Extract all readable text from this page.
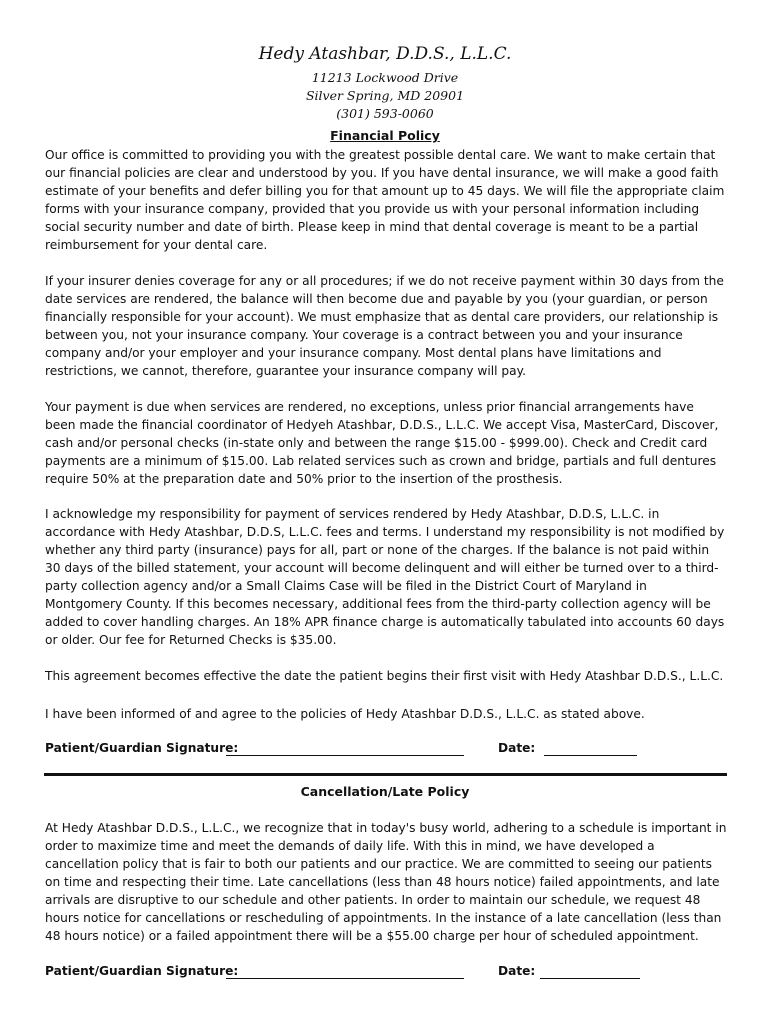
Hedy Atashbar, D.D.S., L.L.C.
11213 Lockwood Drive
Silver Spring, MD 20901
(301) 593-0060
Financial Policy
Our office is committed to providing you with the greatest possible dental care. We want to make certain that our financial policies are clear and understood by you. If you have dental insurance, we will make a good faith estimate of your benefits and defer billing you for that amount up to 45 days. We will file the appropriate claim forms with your insurance company, provided that you provide us with your personal information including social security number and date of birth. Please keep in mind that dental coverage is meant to be a partial reimbursement for your dental care.
If your insurer denies coverage for any or all procedures; if we do not receive payment within 30 days from the date services are rendered, the balance will then become due and payable by you (your guardian, or person financially responsible for your account). We must emphasize that as dental care providers, our relationship is between you, not your insurance company. Your coverage is a contract between you and your insurance company and/or your employer and your insurance company. Most dental plans have limitations and restrictions, we cannot, therefore, guarantee your insurance company will pay.
Your payment is due when services are rendered, no exceptions, unless prior financial arrangements have been made the financial coordinator of Hedyeh Atashbar, D.D.S., L.L.C. We accept Visa, MasterCard, Discover, cash and/or personal checks (in-state only and between the range $15.00 - $999.00). Check and Credit card payments are a minimum of $15.00. Lab related services such as crown and bridge, partials and full dentures require 50% at the preparation date and 50% prior to the insertion of the prosthesis.
I acknowledge my responsibility for payment of services rendered by Hedy Atashbar, D.D.S, L.L.C. in accordance with Hedy Atashbar, D.D.S, L.L.C. fees and terms. I understand my responsibility is not modified by whether any third party (insurance) pays for all, part or none of the charges. If the balance is not paid within 30 days of the billed statement, your account will become delinquent and will either be turned over to a third-party collection agency and/or a Small Claims Case will be filed in the District Court of Maryland in Montgomery County. If this becomes necessary, additional fees from the third-party collection agency will be added to cover handling charges. An 18% APR finance charge is automatically tabulated into accounts 60 days or older. Our fee for Returned Checks is $35.00.
This agreement becomes effective the date the patient begins their first visit with Hedy Atashbar D.D.S., L.L.C.
I have been informed of and agree to the policies of Hedy Atashbar D.D.S., L.L.C. as stated above.
Patient/Guardian Signature:	Date:
Cancellation/Late Policy
At Hedy Atashbar D.D.S., L.L.C., we recognize that in today's busy world, adhering to a schedule is important in order to maximize time and meet the demands of daily life. With this in mind, we have developed a cancellation policy that is fair to both our patients and our practice. We are committed to seeing our patients on time and respecting their time. Late cancellations (less than 48 hours notice) failed appointments, and late arrivals are disruptive to our schedule and other patients. In order to maintain our schedule, we request 48 hours notice for cancellations or rescheduling of appointments. In the instance of a late cancellation (less than 48 hours notice) or a failed appointment there will be a $55.00 charge per hour of scheduled appointment.
Patient/Guardian Signature:	Date:
